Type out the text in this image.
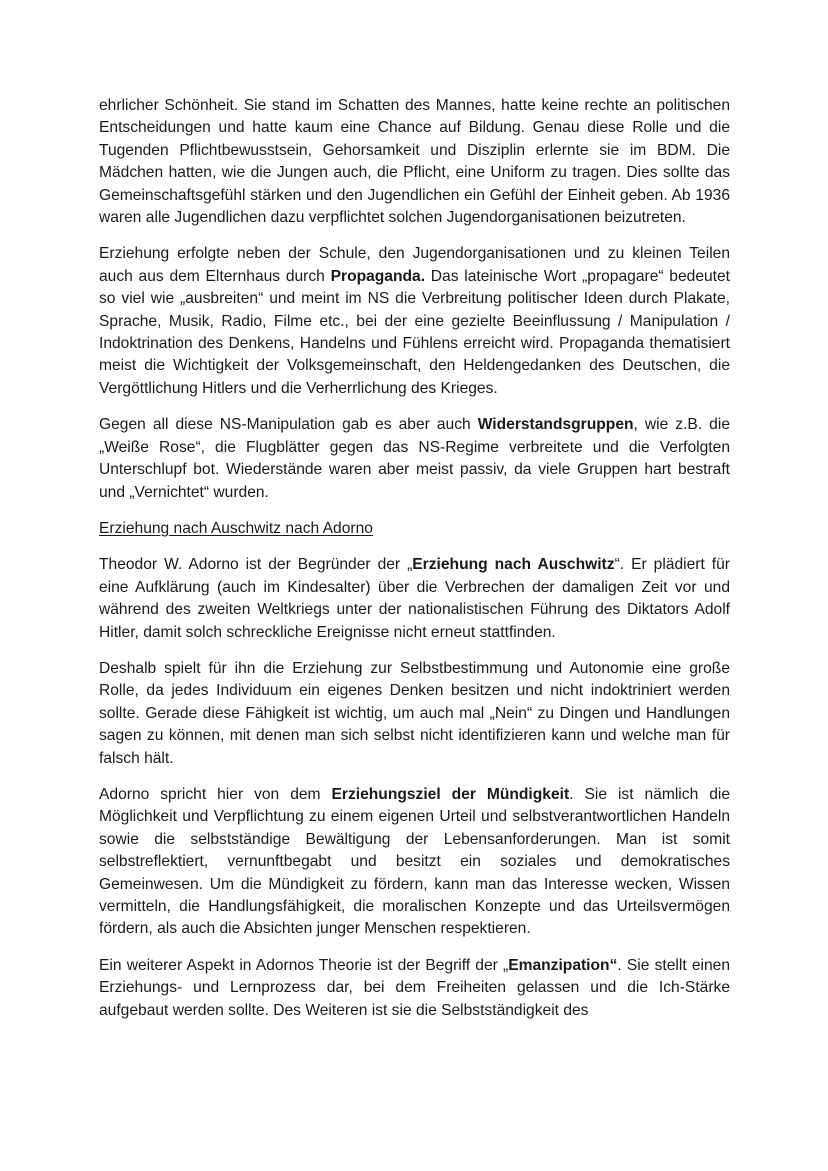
ehrlicher Schönheit. Sie stand im Schatten des Mannes, hatte keine rechte an politischen Entscheidungen und hatte kaum eine Chance auf Bildung. Genau diese Rolle und die Tugenden Pflichtbewusstsein, Gehorsamkeit und Disziplin erlernte sie im BDM. Die Mädchen hatten, wie die Jungen auch, die Pflicht, eine Uniform zu tragen. Dies sollte das Gemeinschaftsgefühl stärken und den Jugendlichen ein Gefühl der Einheit geben. Ab 1936 waren alle Jugendlichen dazu verpflichtet solchen Jugendorganisationen beizutreten.

Erziehung erfolgte neben der Schule, den Jugendorganisationen und zu kleinen Teilen auch aus dem Elternhaus durch Propaganda. Das lateinische Wort „propagare“ bedeutet so viel wie „ausbreiten“ und meint im NS die Verbreitung politischer Ideen durch Plakate, Sprache, Musik, Radio, Filme etc., bei der eine gezielte Beeinflussung / Manipulation / Indoktrination des Denkens, Handelns und Fühlens erreicht wird. Propaganda thematisiert meist die Wichtigkeit der Volksgemeinschaft, den Heldengedanken des Deutschen, die Vergöttlichung Hitlers und die Verherrlichung des Krieges.

Gegen all diese NS-Manipulation gab es aber auch Widerstandsgruppen, wie z.B. die „Weiße Rose“, die Flugblätter gegen das NS-Regime verbreitete und die Verfolgten Unterschlupf bot. Wiederstände waren aber meist passiv, da viele Gruppen hart bestraft und „Vernichtet“ wurden.

Erziehung nach Auschwitz nach Adorno

Theodor W. Adorno ist der Begründer der „Erziehung nach Auschwitz“. Er plädiert für eine Aufklärung (auch im Kindesalter) über die Verbrechen der damaligen Zeit vor und während des zweiten Weltkriegs unter der nationalistischen Führung des Diktators Adolf Hitler, damit solch schreckliche Ereignisse nicht erneut stattfinden.

Deshalb spielt für ihn die Erziehung zur Selbstbestimmung und Autonomie eine große Rolle, da jedes Individuum ein eigenes Denken besitzen und nicht indoktriniert werden sollte. Gerade diese Fähigkeit ist wichtig, um auch mal „Nein“ zu Dingen und Handlungen sagen zu können, mit denen man sich selbst nicht identifizieren kann und welche man für falsch hält.

Adorno spricht hier von dem Erziehungsziel der Mündigkeit. Sie ist nämlich die Möglichkeit und Verpflichtung zu einem eigenen Urteil und selbstverantwortlichen Handeln sowie die selbstständige Bewältigung der Lebensanforderungen. Man ist somit selbstreflektiert, vernunftbegabt und besitzt ein soziales und demokratisches Gemeinwesen. Um die Mündigkeit zu fördern, kann man das Interesse wecken, Wissen vermitteln, die Handlungsfähigkeit, die moralischen Konzepte und das Urteilsvermögen fördern, als auch die Absichten junger Menschen respektieren.

Ein weiterer Aspekt in Adornos Theorie ist der Begriff der „Emanzipation“. Sie stellt einen Erziehungs- und Lernprozess dar, bei dem Freiheiten gelassen und die Ich-Stärke aufgebaut werden sollte. Des Weiteren ist sie die Selbstständigkeit des
